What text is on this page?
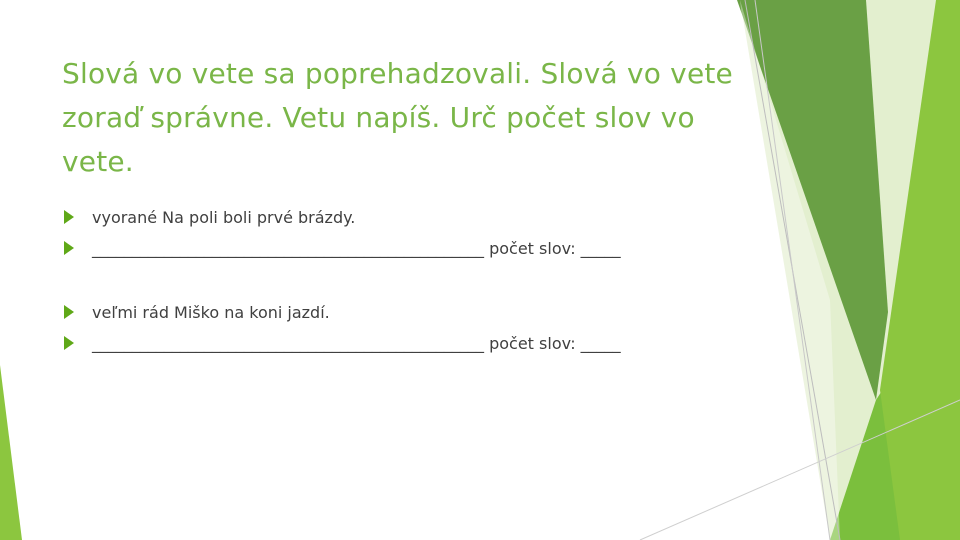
Slová vo vete sa poprehadzovali. Slová vo vete zoraď správne. Vetu napíš. Urč počet slov vo vete.
vyorané Na poli boli prvé brázdy.
_________________________________________________ počet slov: _____
veľmi rád Miško na koni jazdí.
_________________________________________________ počet slov: _____
